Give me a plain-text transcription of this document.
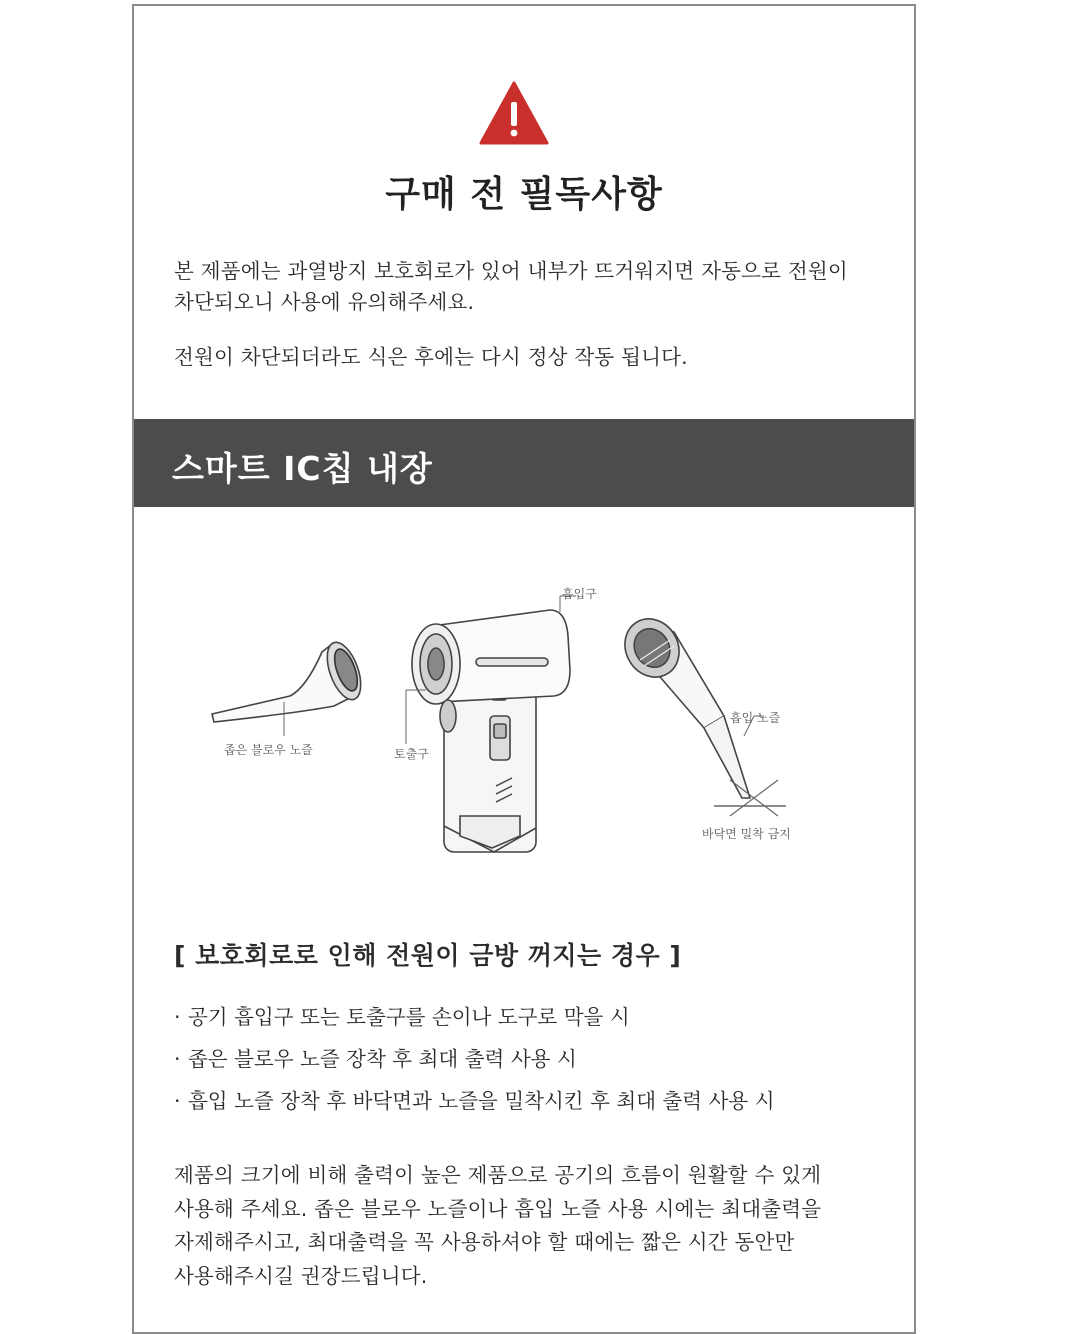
구매 전 필독사항
본 제품에는 과열방지 보호회로가 있어 내부가 뜨거워지면 자동으로 전원이
차단되오니 사용에 유의해주세요.
전원이 차단되더라도 식은 후에는 다시 정상 작동 됩니다.
스마트 IC칩 내장
좁은 블로우 노즐
흡입구
토출구
흡입 노즐
바닥면 밀착 금지
[ 보호회로로 인해 전원이 금방 꺼지는 경우 ]
· 공기 흡입구 또는 토출구를 손이나 도구로 막을 시
· 좁은 블로우 노즐 장착 후 최대 출력 사용 시
· 흡입 노즐 장착 후 바닥면과 노즐을 밀착시킨 후 최대 출력 사용 시
제품의 크기에 비해 출력이 높은 제품으로 공기의 흐름이 원활할 수 있게
사용해 주세요. 좁은 블로우 노즐이나 흡입 노즐 사용 시에는 최대출력을
자제해주시고, 최대출력을 꼭 사용하셔야 할 때에는 짧은 시간 동안만
사용해주시길 권장드립니다.
